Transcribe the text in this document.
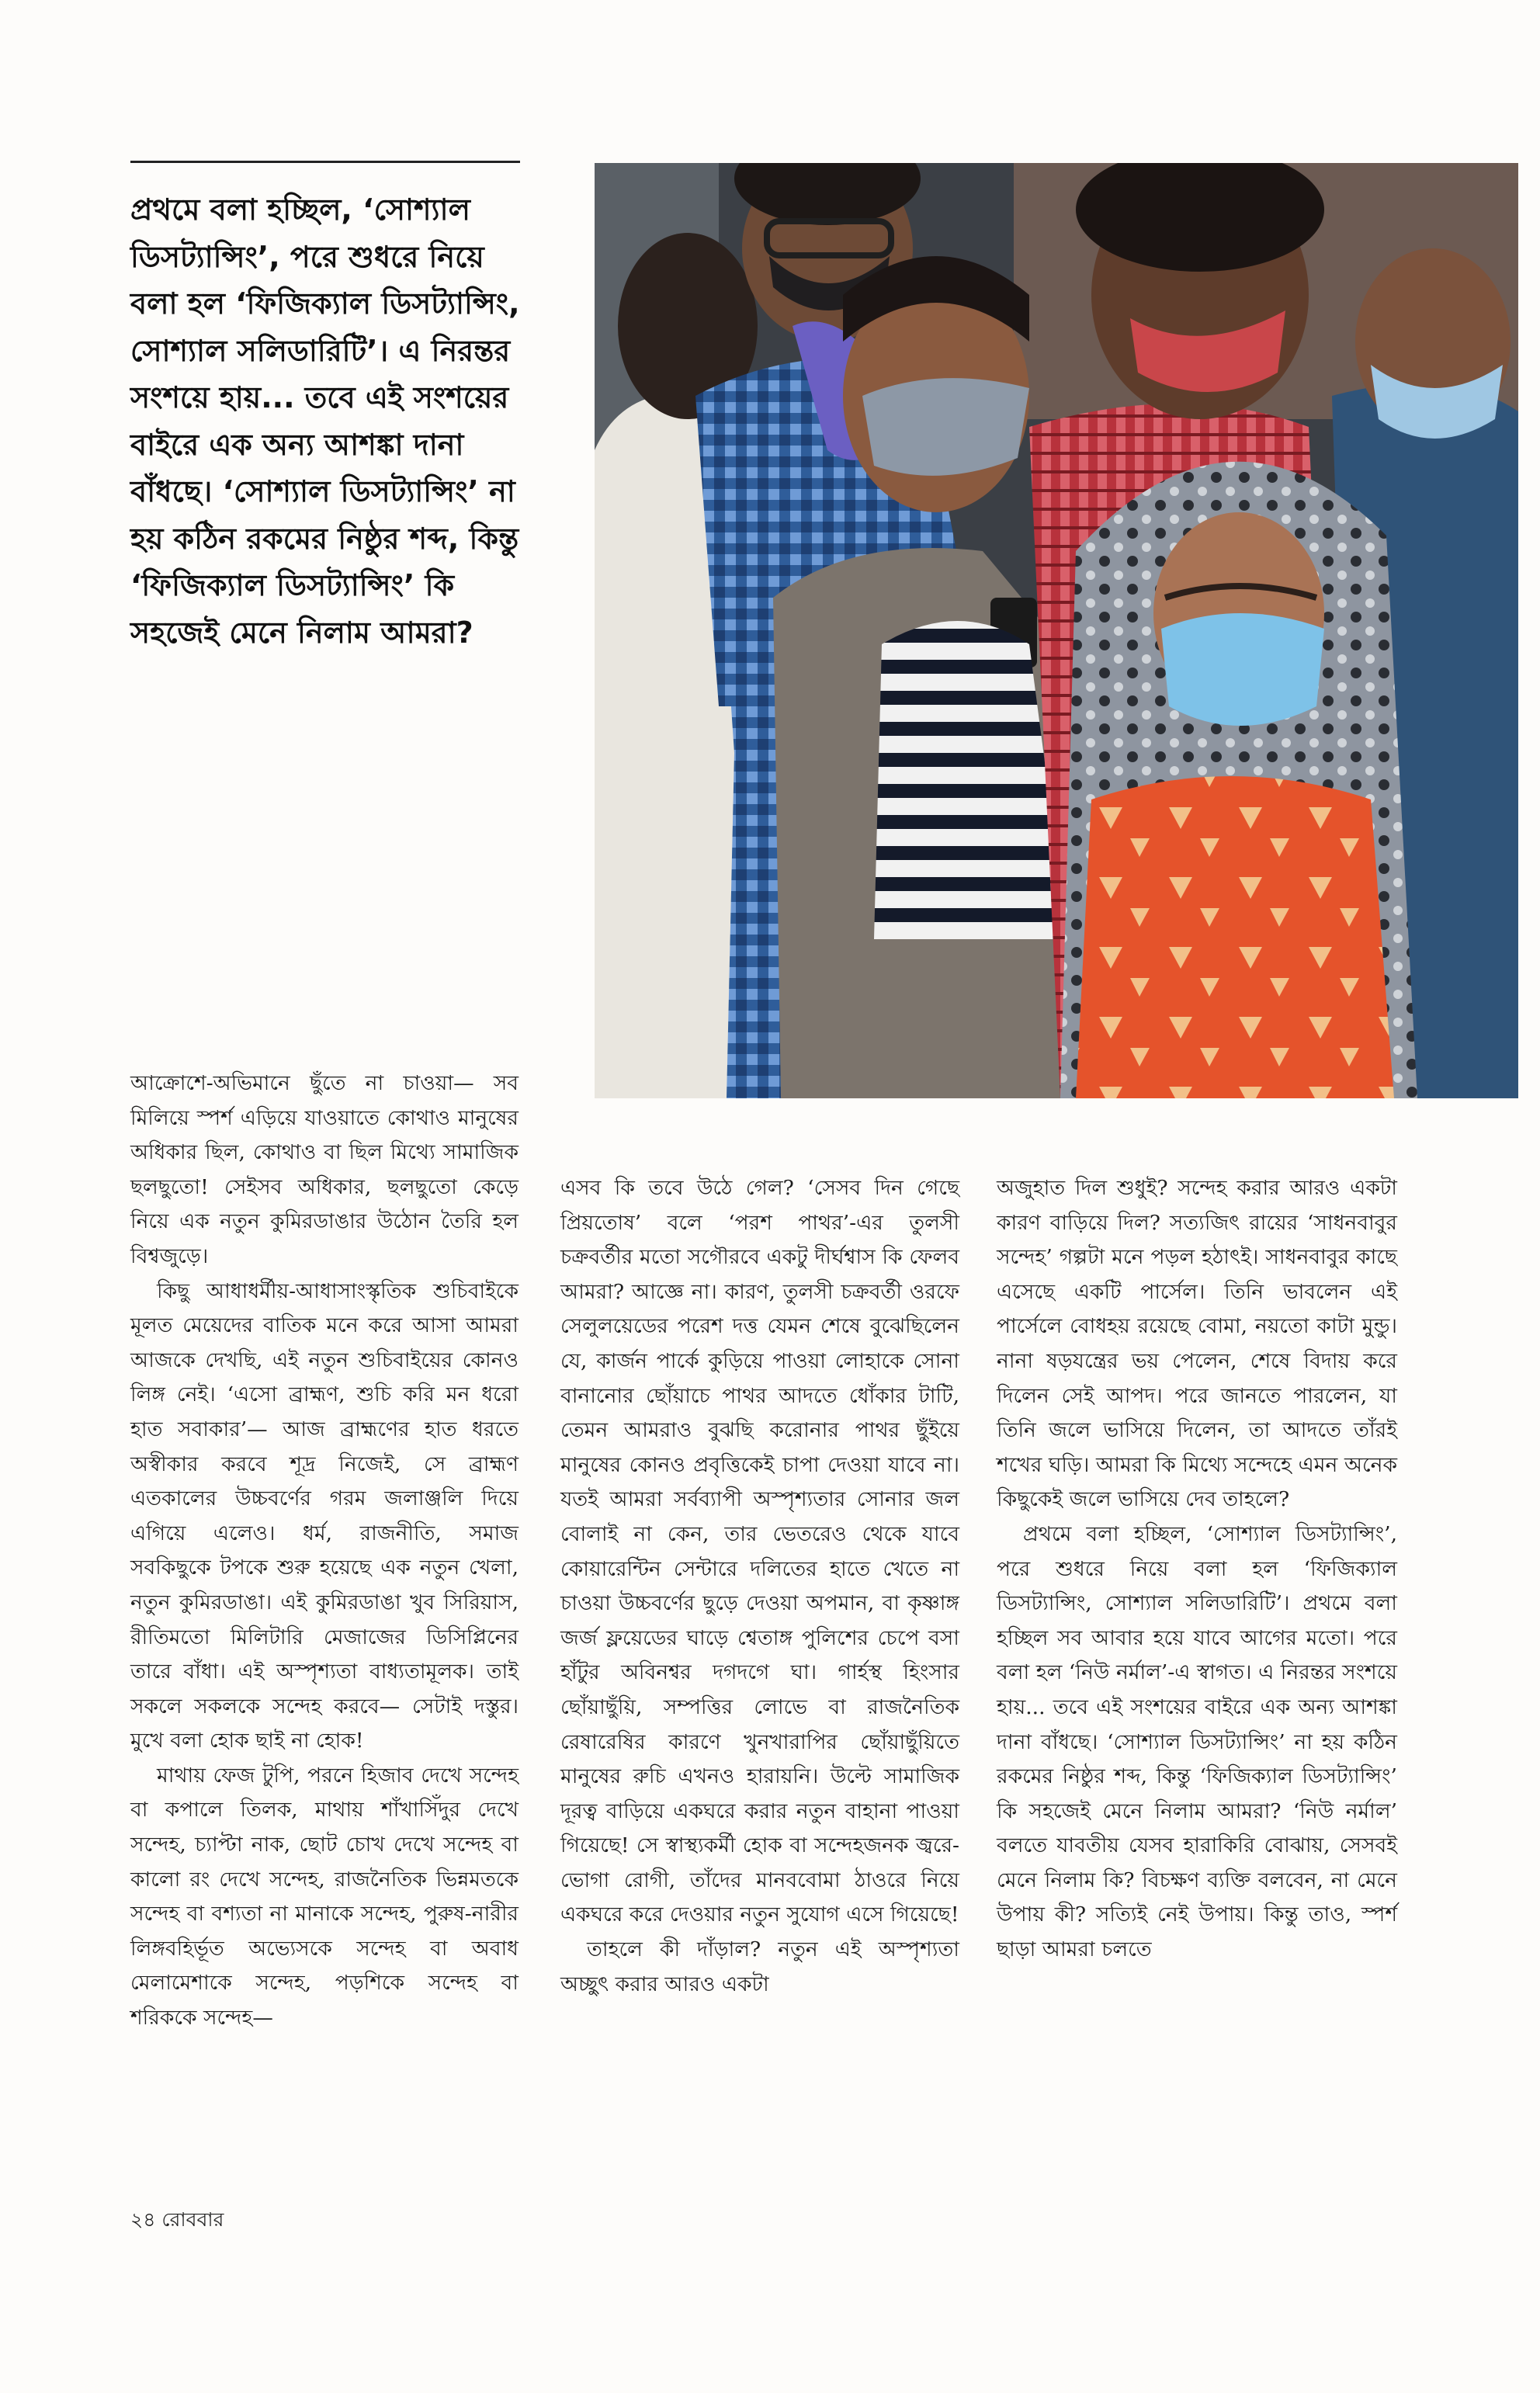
প্রথমে বলা হচ্ছিল, ‘সোশ্যাল ডিসট্যান্সিং’, পরে শুধরে নিয়ে বলা হল ‘ফিজিক্যাল ডিসট্যান্সিং, সোশ্যাল সলিডারিটি’। এ নিরন্তর সংশয়ে হায়... তবে এই সংশয়ের বাইরে এক অন্য আশঙ্কা দানা বাঁধছে। ‘সোশ্যাল ডিসট্যান্সিং’ না হয় কঠিন রকমের নিষ্ঠুর শব্দ, কিন্তু ‘ফিজিক্যাল ডিসট্যান্সিং’ কি সহজেই মেনে নিলাম আমরা?

আক্রোশে-অভিমানে ছুঁতে না চাওয়া— সব মিলিয়ে স্পর্শ এড়িয়ে যাওয়াতে কোথাও মানুষের অধিকার ছিল, কোথাও বা ছিল মিথ্যে সামাজিক ছলছুতো! সেইসব অধিকার, ছলছুতো কেড়ে নিয়ে এক নতুন কুমিরডাঙার উঠোন তৈরি হল বিশ্বজুড়ে।

কিছু আধাধর্মীয়-আধাসাংস্কৃতিক শুচিবাইকে মূলত মেয়েদের বাতিক মনে করে আসা আমরা আজকে দেখছি, এই নতুন শুচিবাইয়ের কোনও লিঙ্গ নেই। ‘এসো ব্রাহ্মণ, শুচি করি মন ধরো হাত সবাকার’— আজ ব্রাহ্মণের হাত ধরতে অস্বীকার করবে শূদ্র নিজেই, সে ব্রাহ্মণ এতকালের উচ্চবর্ণের গরম জলাঞ্জলি দিয়ে এগিয়ে এলেও। ধর্ম, রাজনীতি, সমাজ সবকিছুকে টপকে শুরু হয়েছে এক নতুন খেলা, নতুন কুমিরডাঙা। এই কুমিরডাঙা খুব সিরিয়াস, রীতিমতো মিলিটারি মেজাজের ডিসিপ্লিনের তারে বাঁধা। এই অস্পৃশ্যতা বাধ্যতামূলক। তাই সকলে সকলকে সন্দেহ করবে— সেটাই দস্তুর। মুখে বলা হোক ছাই না হোক!

মাথায় ফেজ টুপি, পরনে হিজাব দেখে সন্দেহ বা কপালে তিলক, মাথায় শাঁখাসিঁদুর দেখে সন্দেহ, চ্যাপ্টা নাক, ছোট চোখ দেখে সন্দেহ বা কালো রং দেখে সন্দেহ, রাজনৈতিক ভিন্নমতকে সন্দেহ বা বশ্যতা না মানাকে সন্দেহ, পুরুষ-নারীর লিঙ্গবহির্ভূত অভ্যেসকে সন্দেহ বা অবাধ মেলামেশাকে সন্দেহ, পড়শিকে সন্দেহ বা শরিককে সন্দেহ—

এসব কি তবে উঠে গেল? ‘সেসব দিন গেছে প্রিয়তোষ’ বলে ‘পরশ পাথর’-এর তুলসী চক্রবর্তীর মতো সগৌরবে একটু দীর্ঘশ্বাস কি ফেলব আমরা? আজ্ঞে না। কারণ, তুলসী চক্রবর্তী ওরফে সেলুলয়েডের পরেশ দত্ত যেমন শেষে বুঝেছিলেন যে, কার্জন পার্কে কুড়িয়ে পাওয়া লোহাকে সোনা বানানোর ছোঁয়াচে পাথর আদতে ধোঁকার টাটি, তেমন আমরাও বুঝছি করোনার পাথর ছুঁইয়ে মানুষের কোনও প্রবৃত্তিকেই চাপা দেওয়া যাবে না। যতই আমরা সর্বব্যাপী অস্পৃশ্যতার সোনার জল বোলাই না কেন, তার ভেতরেও থেকে যাবে কোয়ারেন্টিন সেন্টারে দলিতের হাতে খেতে না চাওয়া উচ্চবর্ণের ছুড়ে দেওয়া অপমান, বা কৃষ্ণাঙ্গ জর্জ ফ্লয়েডের ঘাড়ে শ্বেতাঙ্গ পুলিশের চেপে বসা হাঁটুর অবিনশ্বর দগদগে ঘা। গার্হস্থ হিংসার ছোঁয়াছুঁয়ি, সম্পত্তির লোভে বা রাজনৈতিক রেষারেষির কারণে খুনখারাপির ছোঁয়াছুঁয়িতে মানুষের রুচি এখনও হারায়নি। উল্টে সামাজিক দূরত্ব বাড়িয়ে একঘরে করার নতুন বাহানা পাওয়া গিয়েছে! সে স্বাস্থ্যকর্মী হোক বা সন্দেহজনক জ্বরে-ভোগা রোগী, তাঁদের মানববোমা ঠাওরে নিয়ে একঘরে করে দেওয়ার নতুন সুযোগ এসে গিয়েছে!

তাহলে কী দাঁড়াল? নতুন এই অস্পৃশ্যতা অচ্ছুৎ করার আরও একটা

অজুহাত দিল শুধুই? সন্দেহ করার আরও একটা কারণ বাড়িয়ে দিল? সত্যজিৎ রায়ের ‘সাধনবাবুর সন্দেহ’ গল্পটা মনে পড়ল হঠাৎই। সাধনবাবুর কাছে এসেছে একটি পার্সেল। তিনি ভাবলেন এই পার্সেলে বোধহয় রয়েছে বোমা, নয়তো কাটা মুন্ডু। নানা ষড়যন্ত্রের ভয় পেলেন, শেষে বিদায় করে দিলেন সেই আপদ। পরে জানতে পারলেন, যা তিনি জলে ভাসিয়ে দিলেন, তা আদতে তাঁরই শখের ঘড়ি। আমরা কি মিথ্যে সন্দেহে এমন অনেক কিছুকেই জলে ভাসিয়ে দেব তাহলে?

প্রথমে বলা হচ্ছিল, ‘সোশ্যাল ডিসট্যান্সিং’, পরে শুধরে নিয়ে বলা হল ‘ফিজিক্যাল ডিসট্যান্সিং, সোশ্যাল সলিডারিটি’। প্রথমে বলা হচ্ছিল সব আবার হয়ে যাবে আগের মতো। পরে বলা হল ‘নিউ নর্মাল’-এ স্বাগত। এ নিরন্তর সংশয়ে হায়... তবে এই সংশয়ের বাইরে এক অন্য আশঙ্কা দানা বাঁধছে। ‘সোশ্যাল ডিসট্যান্সিং’ না হয় কঠিন রকমের নিষ্ঠুর শব্দ, কিন্তু ‘ফিজিক্যাল ডিসট্যান্সিং’ কি সহজেই মেনে নিলাম আমরা? ‘নিউ নর্মাল’ বলতে যাবতীয় যেসব হারাকিরি বোঝায়, সেসবই মেনে নিলাম কি? বিচক্ষণ ব্যক্তি বলবেন, না মেনে উপায় কী? সত্যিই নেই উপায়। কিন্তু তাও, স্পর্শ ছাড়া আমরা চলতে

২৪ রোববার
